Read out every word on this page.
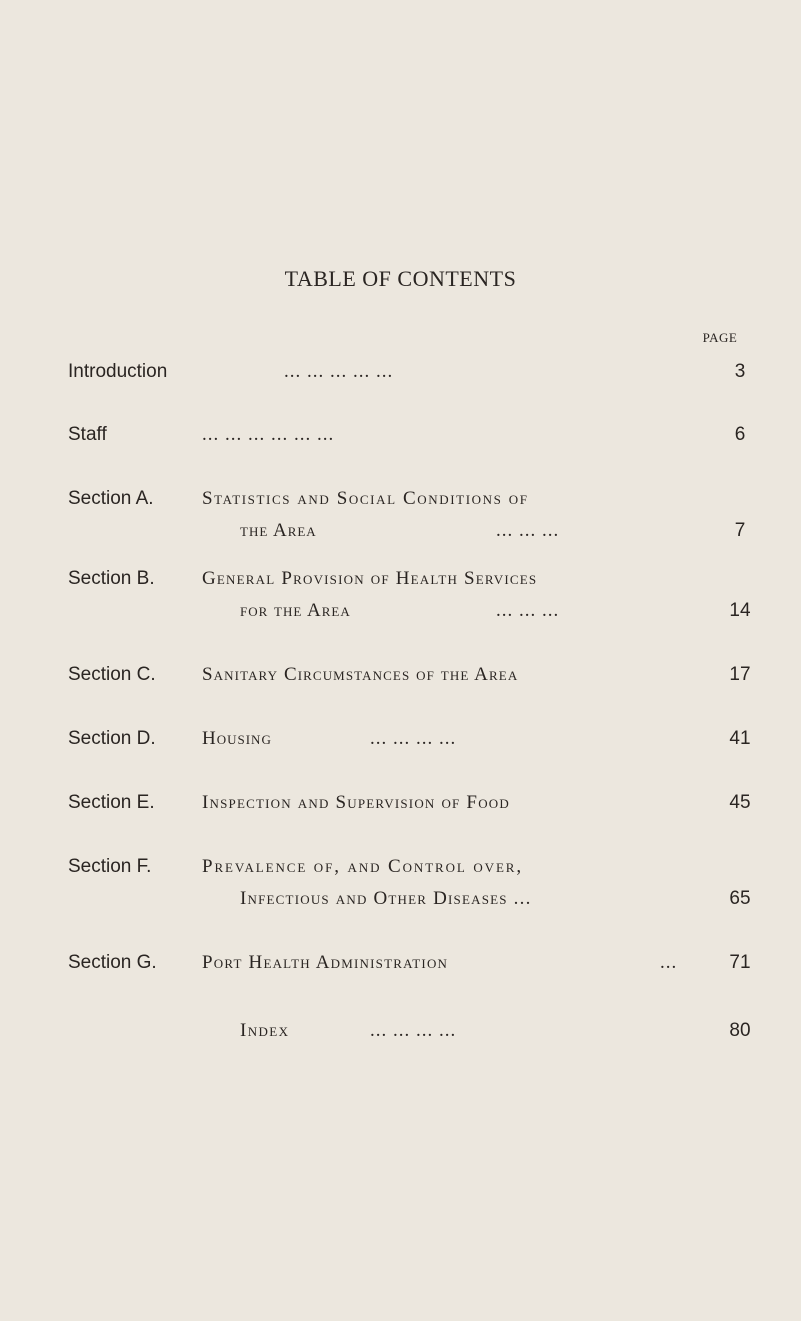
TABLE OF CONTENTS
PAGE
Introduction	... ... ... ... ...	3
Staff	... ... ... ... ... ...	6
Section A.	Statistics and Social Conditions of
the Area	... ... ...	7
Section B. General Provision of Health Services
for the Area	... ... ...	14
Section C. Sanitary Circumstances of the Area	17
Section D. Housing	... ... ... ...	41
Section E. Inspection and Supervision of Food	45
Section F.	Prevalence of, and Control over,
Infectious and Other Diseases ...	65
Section G. Port Health Administration	...	71
Index	... ... ... ...	80
